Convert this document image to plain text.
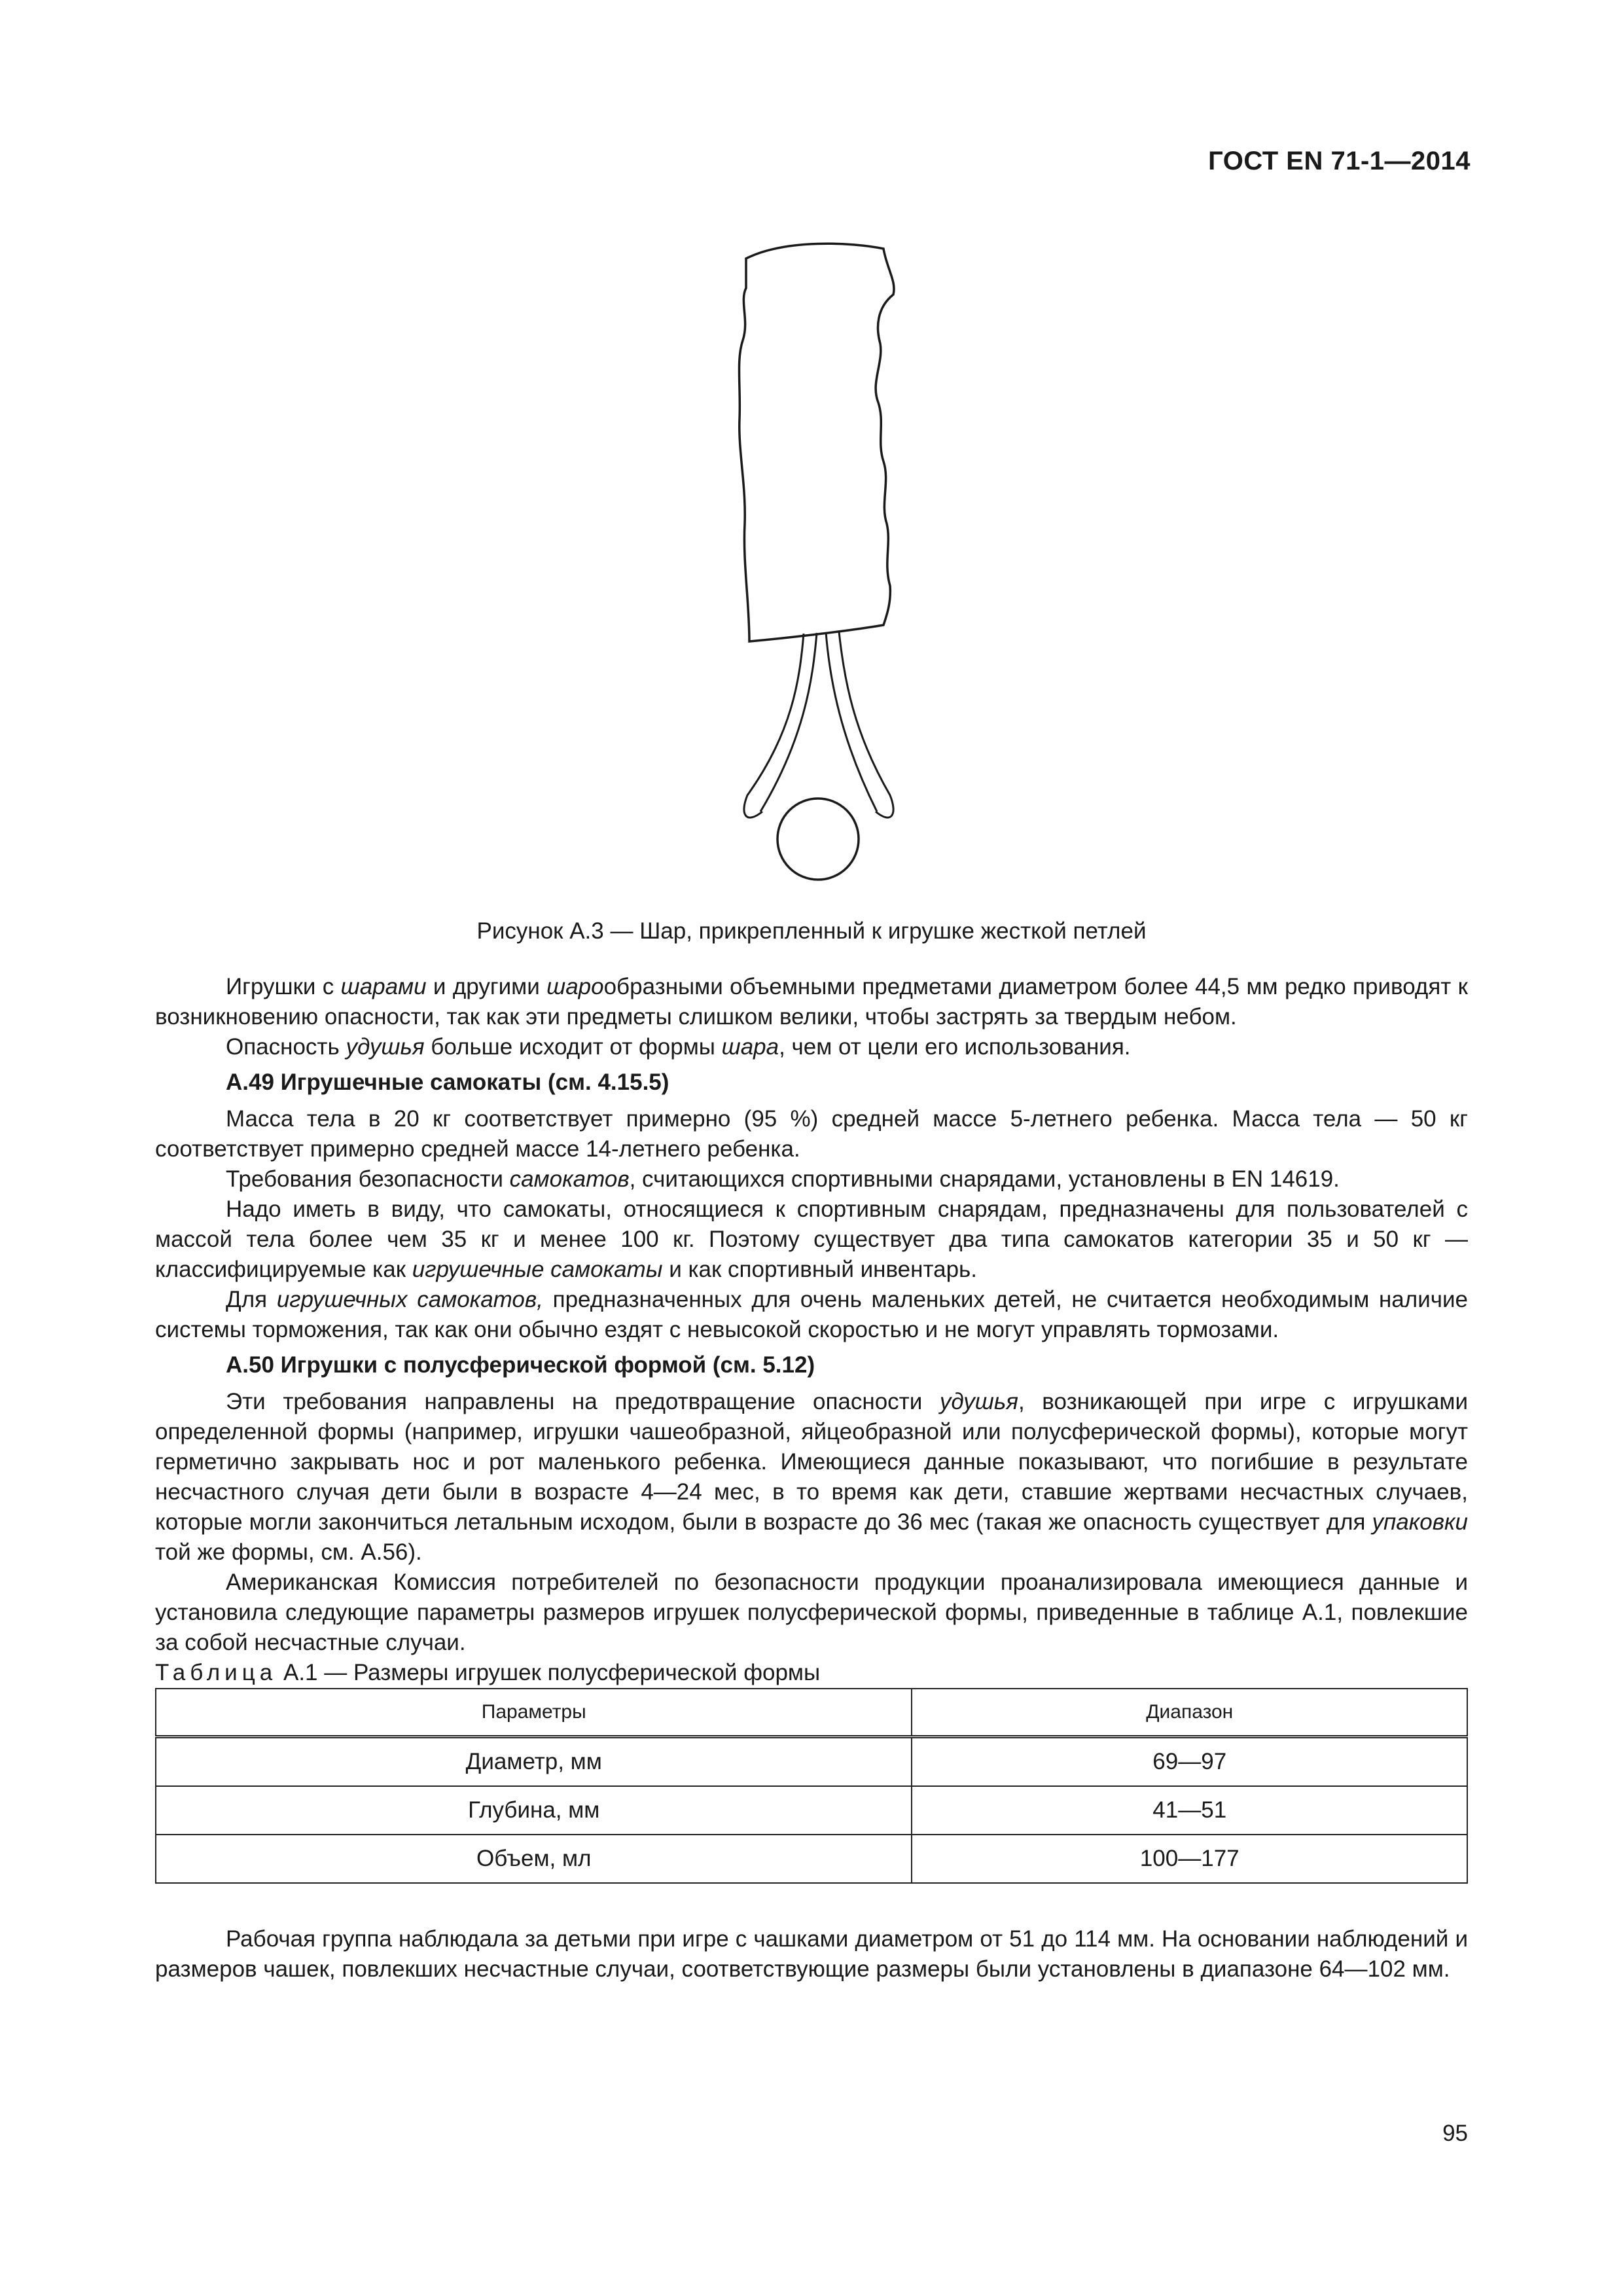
ГОСТ EN 71-1—2014
Рисунок А.3 — Шар, прикрепленный к игрушке жесткой петлей

Игрушки с шарами и другими шарообразными объемными предметами диаметром более 44,5 мм редко приводят к возникновению опасности, так как эти предметы слишком велики, чтобы застрять за твердым небом.

Опасность удушья больше исходит от формы шара, чем от цели его использования.

А.49 Игрушечные самокаты (см. 4.15.5)

Масса тела в 20 кг соответствует примерно (95 %) средней массе 5-летнего ребенка. Масса тела — 50 кг соответствует примерно средней массе 14-летнего ребенка.

Требования безопасности самокатов, считающихся спортивными снарядами, установлены в EN 14619.

Надо иметь в виду, что самокаты, относящиеся к спортивным снарядам, предназначены для пользователей с массой тела более чем 35 кг и менее 100 кг. Поэтому существует два типа самокатов категории 35 и 50 кг — классифицируемые как игрушечные самокаты и как спортивный инвентарь.

Для игрушечных самокатов, предназначенных для очень маленьких детей, не считается необходимым наличие системы торможения, так как они обычно ездят с невысокой скоростью и не могут управлять тормозами.

А.50 Игрушки с полусферической формой (см. 5.12)

Эти требования направлены на предотвращение опасности удушья, возникающей при игре с игрушками определенной формы (например, игрушки чашеобразной, яйцеобразной или полусферической формы), которые могут герметично закрывать нос и рот маленького ребенка. Имеющиеся данные показывают, что погибшие в результате несчастного случая дети были в возрасте 4—24 мес, в то время как дети, ставшие жертвами несчастных случаев, которые могли закончиться летальным исходом, были в возрасте до 36 мес (такая же опасность существует для упаковки той же формы, см. А.56).

Американская Комиссия потребителей по безопасности продукции проанализировала имеющиеся данные и установила следующие параметры размеров игрушек полусферической формы, приведенные в таблице А.1, повлекшие за собой несчастные случаи.

Таблица А.1 — Размеры игрушек полусферической формы

Параметры	Диапазон
Диаметр, мм	69—97
Глубина, мм	41—51
Объем, мл	100—177

Рабочая группа наблюдала за детьми при игре с чашками диаметром от 51 до 114 мм. На основании наблюдений и размеров чашек, повлекших несчастные случаи, соответствующие размеры были установлены в диапазоне 64—102 мм.

95
